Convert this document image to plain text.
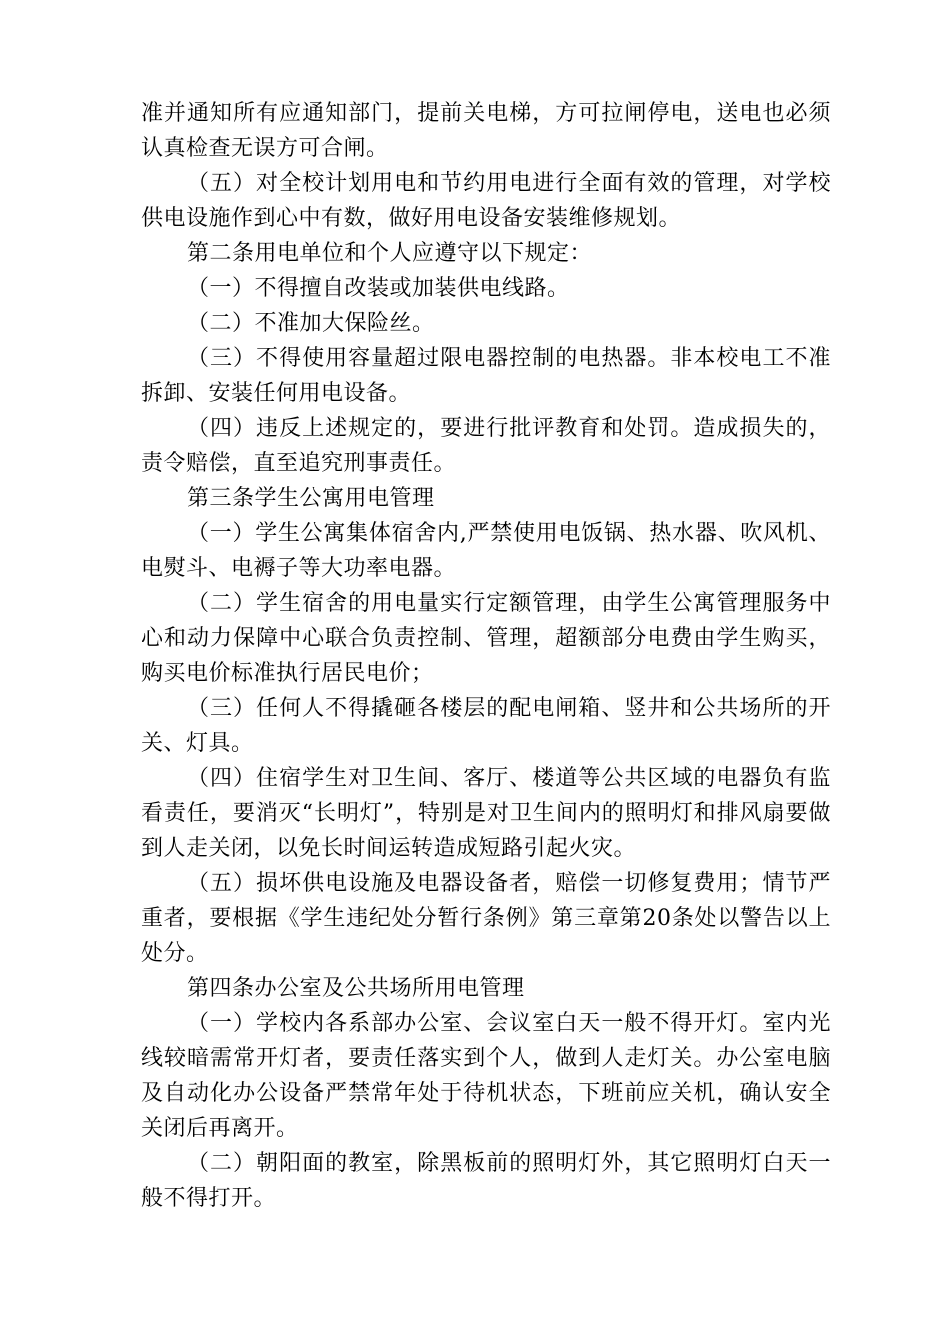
准并通知所有应通知部门，提前关电梯，方可拉闸停电，送电也必须认真检查无误方可合闸。

（五）对全校计划用电和节约用电进行全面有效的管理，对学校供电设施作到心中有数，做好用电设备安装维修规划。

第二条用电单位和个人应遵守以下规定：

（一）不得擅自改装或加装供电线路。

（二）不准加大保险丝。

（三）不得使用容量超过限电器控制的电热器。非本校电工不准拆卸、安装任何用电设备。

（四）违反上述规定的，要进行批评教育和处罚。造成损失的，责令赔偿，直至追究刑事责任。

第三条学生公寓用电管理

（一）学生公寓集体宿舍内,严禁使用电饭锅、热水器、吹风机、电熨斗、电褥子等大功率电器。

（二）学生宿舍的用电量实行定额管理，由学生公寓管理服务中心和动力保障中心联合负责控制、管理，超额部分电费由学生购买，购买电价标准执行居民电价；

（三）任何人不得撬砸各楼层的配电闸箱、竖井和公共场所的开关、灯具。

（四）住宿学生对卫生间、客厅、楼道等公共区域的电器负有监看责任，要消灭“长明灯”，特别是对卫生间内的照明灯和排风扇要做到人走关闭，以免长时间运转造成短路引起火灾。

（五）损坏供电设施及电器设备者，赔偿一切修复费用；情节严重者，要根据《学生违纪处分暂行条例》第三章第20条处以警告以上处分。

第四条办公室及公共场所用电管理

（一）学校内各系部办公室、会议室白天一般不得开灯。室内光线较暗需常开灯者，要责任落实到个人，做到人走灯关。办公室电脑及自动化办公设备严禁常年处于待机状态，下班前应关机，确认安全关闭后再离开。

（二）朝阳面的教室，除黑板前的照明灯外，其它照明灯白天一般不得打开。
